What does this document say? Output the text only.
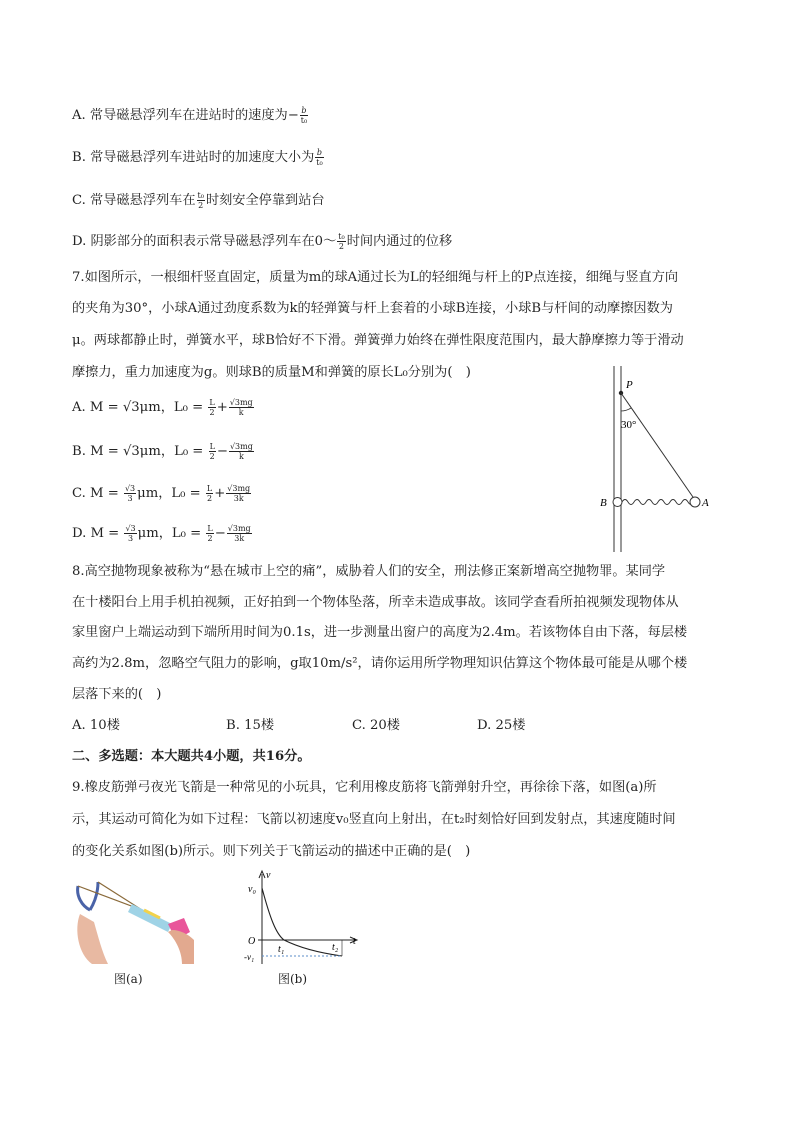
A. 常导磁悬浮列车在进站时的速度为− $\frac{b}{\text{t₀}}$
B. 常导磁悬浮列车进站时的加速度大小为 $\frac{b}{\text{t₀}}$
C. 常导磁悬浮列车在 $\frac{\text{t₀}}{2}$ 时刻安全停靠到站台
D. 阴影部分的面积表示常导磁悬浮列车在0～ $\frac{\text{t₀}}{2}$ 时间内通过的位移
7.如图所示，一根细杆竖直固定，质量为m的球A通过长为L的轻细绳与杆上的P点连接，细绳与竖直方向
的夹角为30°，小球A通过劲度系数为k的轻弹簧与杆上套着的小球B连接，小球B与杆间的动摩擦因数为
μ。两球都静止时，弹簧水平，球B恰好不下滑。弹簧弹力始终在弹性限度范围内，最大静摩擦力等于滑动
摩擦力，重力加速度为g。则球B的质量M和弹簧的原长L₀分别为(　)
A. M = √3μm，$L_0 = \frac{L}{2} + \frac{√3mg}{k}$
B. M = √3μm，$L_0 = \frac{L}{2} - \frac{√3mg}{k}$
C. $M = \frac{√3}{3}$ μm，$L_0 = \frac{L}{2} + \frac{√3mg}{3k}$
D. $M = \frac{√3}{3}$ μm，$L_0 = \frac{L}{2} - \frac{√3mg}{3k}$
P
30°
B	A
8.高空抛物现象被称为“悬在城市上空的痛”，威胁着人们的安全，刑法修正案新增高空抛物罪。某同学
在十楼阳台上用手机拍视频，正好拍到一个物体坠落，所幸未造成事故。该同学查看所拍视频发现物体从
家里窗户上端运动到下端所用时间为0.1s，进一步测量出窗户的高度为2.4m。若该物体自由下落，每层楼
高约为2.8m，忽略空气阻力的影响，g取10m/s²，请你运用所学物理知识估算这个物体最可能是从哪个楼
层落下来的(　)
A. 10楼	B. 15楼	C. 20楼	D. 25楼
二、多选题：本大题共4小题，共16分。
9.橡皮筋弹弓夜光飞箭是一种常见的小玩具，它利用橡皮筋将飞箭弹射升空，再徐徐下落，如图(a)所
示，其运动可简化为如下过程：飞箭以初速度v₀竖直向上射出，在t₂时刻恰好回到发射点，其速度随时间
的变化关系如图(b)所示。则下列关于飞箭运动的描述中正确的是(　)
图(a)
v
t
v₀
O
-v₁
t₁	t₂
图(b)
